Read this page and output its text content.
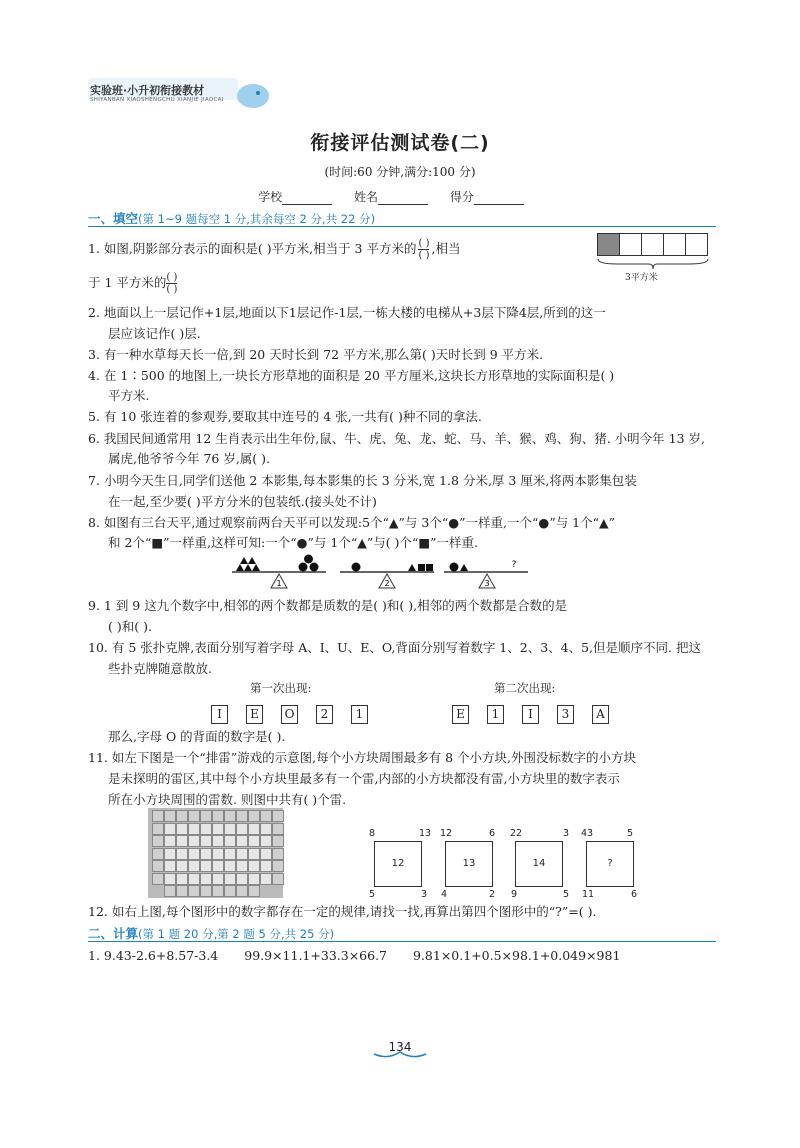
实验班·小升初衔接教材
SHIYANBAN XIAOSHENGCHU XIANJIE JIAOCAI
衔接评估测试卷(二)
(时间:60 分钟,满分:100 分)
学校	姓名	得分
一、填空(第 1~9 题每空 1 分,其余每空 2 分,共 22 分)
1. 如图,阴影部分表示的面积是( )平方米,相当于 3 平方米的 ( )

( ) ,相当
于 1 平方米的( )

( )
3平方米
2. 地面以上一层记作+1层,地面以下1层记作-1层,一栋大楼的电梯从+3层下降4层,所到的这一
层应该记作( )层.
3. 有一种水草每天长一倍,到 20 天时长到 72 平方米,那么第( )天时长到 9 平方米.
4. 在 1∶500 的地图上,一块长方形草地的面积是 20 平方厘米,这块长方形草地的实际面积是( )
平方米.
5. 有 10 张连着的参观券,要取其中连号的 4 张,一共有( )种不同的拿法.
6. 我国民间通常用 12 生肖表示出生年份,鼠、牛、虎、兔、龙、蛇、马、羊、猴、鸡、狗、猪. 小明今年 13 岁,
属虎,他爷爷今年 76 岁,属( ).
7. 小明今天生日,同学们送他 2 本影集,每本影集的长 3 分米,宽 1.8 分米,厚 3 厘米,将两本影集包装
在一起,至少要( )平方分米的包装纸.(接头处不计)
8. 如图有三台天平,通过观察前两台天平可以发现:5个“▲”与 3个“●”一样重,一个“●”与 1个“▲”
和 2个“■”一样重,这样可知:一个“●”与 1个“▲”与( )个“■”一样重.
1	2	3
?
9. 1 到 9 这九个数字中,相邻的两个数都是质数的是( )和( ),相邻的两个数都是合数的是
( )和( ).
10. 有 5 张扑克牌,表面分别写着字母 A、I、U、E、O,背面分别写着数字 1、2、3、4、5,但是顺序不同. 把这
些扑克牌随意散放.
第一次出现:	第二次出现:
I E O 2 1	E 1 I 3 A
那么,字母 O 的背面的数字是( ).
11. 如左下图是一个“排雷”游戏的示意图,每个小方块周围最多有 8 个小方块,外围没标数字的小方块
是未探明的雷区,其中每个小方块里最多有一个雷,内部的小方块都没有雷,小方块里的数字表示
所在小方块周围的雷数. 则图中共有( )个雷.
8	13
12
5	3
12	6
13
4	2
22	3
14
9	5
43	5
?
11	6
12. 如右上图,每个图形中的数字都存在一定的规律,请找一找,再算出第四个图形中的“?”=( ).
二、计算(第 1 题 20 分,第 2 题 5 分,共 25 分)
1. 9.43-2.6+8.57-3.4 99.9×11.1+33.3×66.7 9.81×0.1+0.5×98.1+0.049×981
134
